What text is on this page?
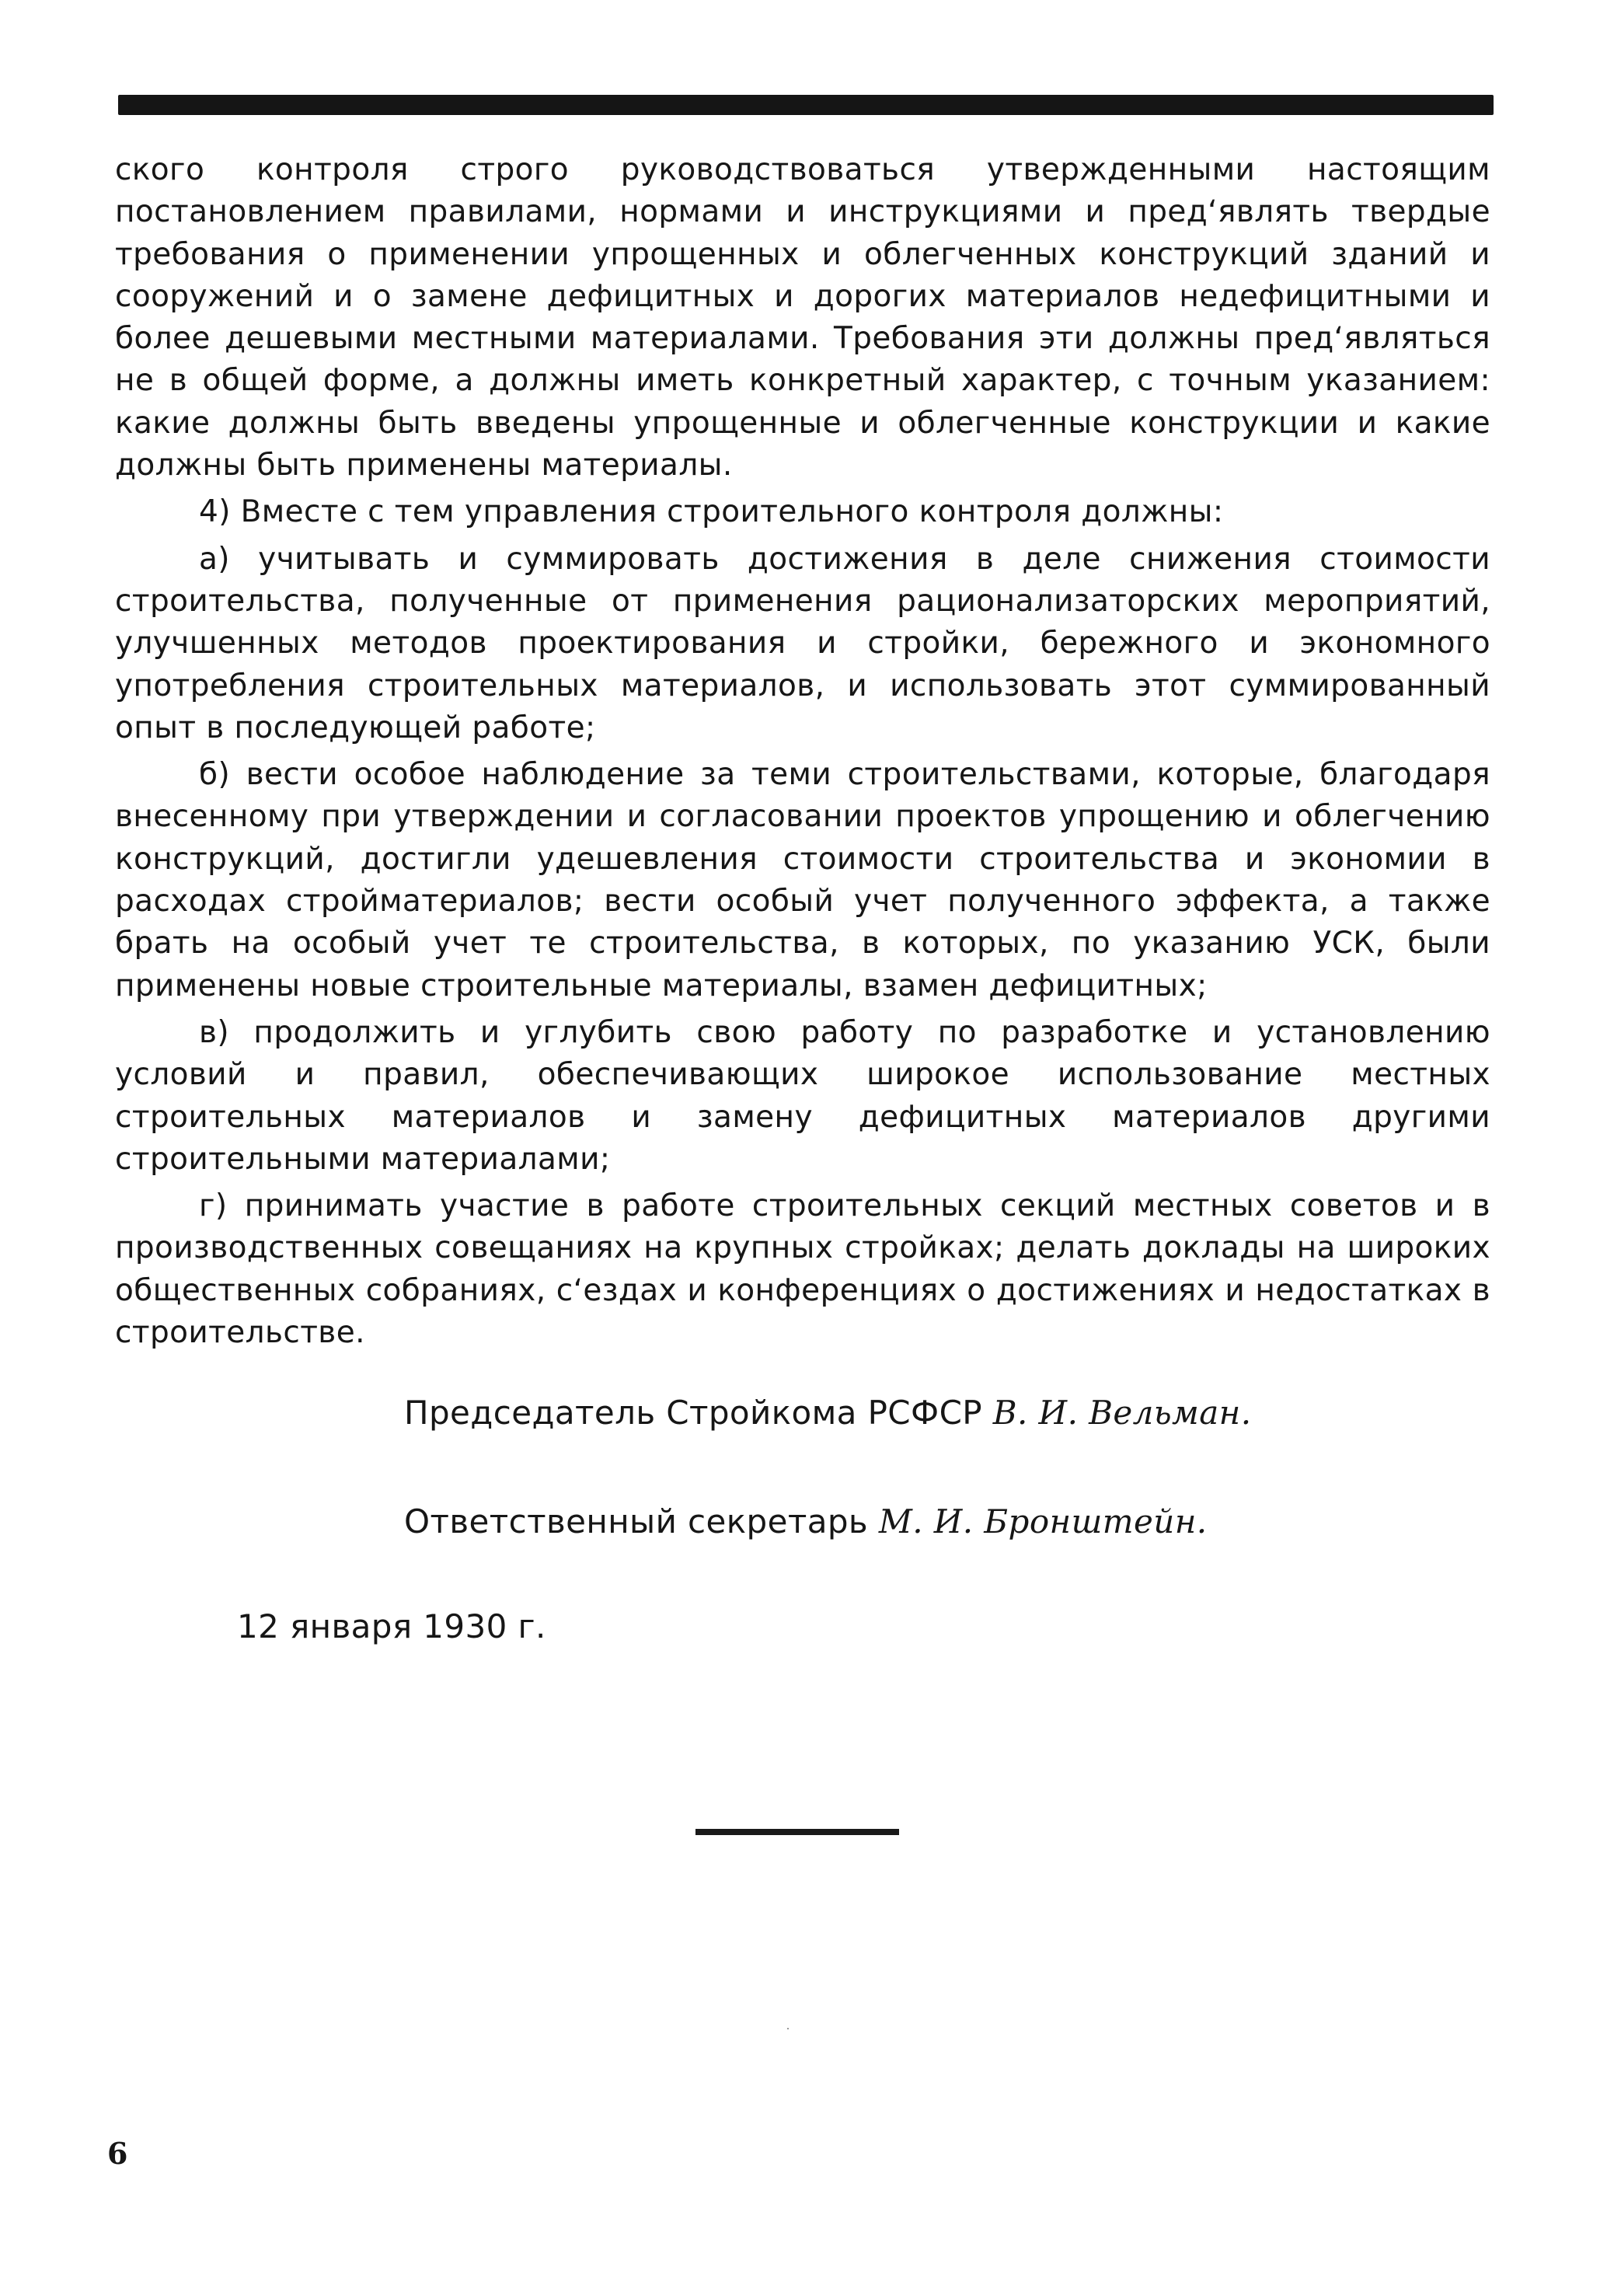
ского контроля строго руководствоваться утвержденными настоящим постановлением правилами, нормами и инструкциями и пред‘являть твердые требования о применении упрощенных и облегченных конструкций зданий и сооружений и о замене дефицитных и дорогих материалов недефицитными и более дешевыми местными материалами. Требования эти должны пред‘являться не в общей форме, а должны иметь конкретный характер, с точным указанием: какие должны быть введены упрощенные и облегченные конструкции и какие должны быть применены материалы.

4) Вместе с тем управления строительного контроля должны:

а) учитывать и суммировать достижения в деле снижения стоимости строительства, полученные от применения рационализаторских мероприятий, улучшенных методов проектирования и стройки, бережного и экономного употребления строительных материалов, и использовать этот суммированный опыт в последующей работе;

б) вести особое наблюдение за теми строительствами, которые, благодаря внесенному при утверждении и согласовании проектов упрощению и облегчению конструкций, достигли удешевления стоимости строительства и экономии в расходах стройматериалов; вести особый учет полученного эффекта, а также брать на особый учет те строительства, в которых, по указанию УСК, были применены новые строительные материалы, взамен дефицитных;

в) продолжить и углубить свою работу по разработке и установлению условий и правил, обеспечивающих широкое использование местных строительных материалов и замену дефицитных материалов другими строительными материалами;

г) принимать участие в работе строительных секций местных советов и в производственных совещаниях на крупных стройках; делать доклады на широких общественных собраниях, с‘ездах и конференциях о достижениях и недостатках в строительстве.

Председатель Стройкома РСФСР В. И. Вельман.
Ответственный секретарь М. И. Бронштейн.
12 января 1930 г.
6
